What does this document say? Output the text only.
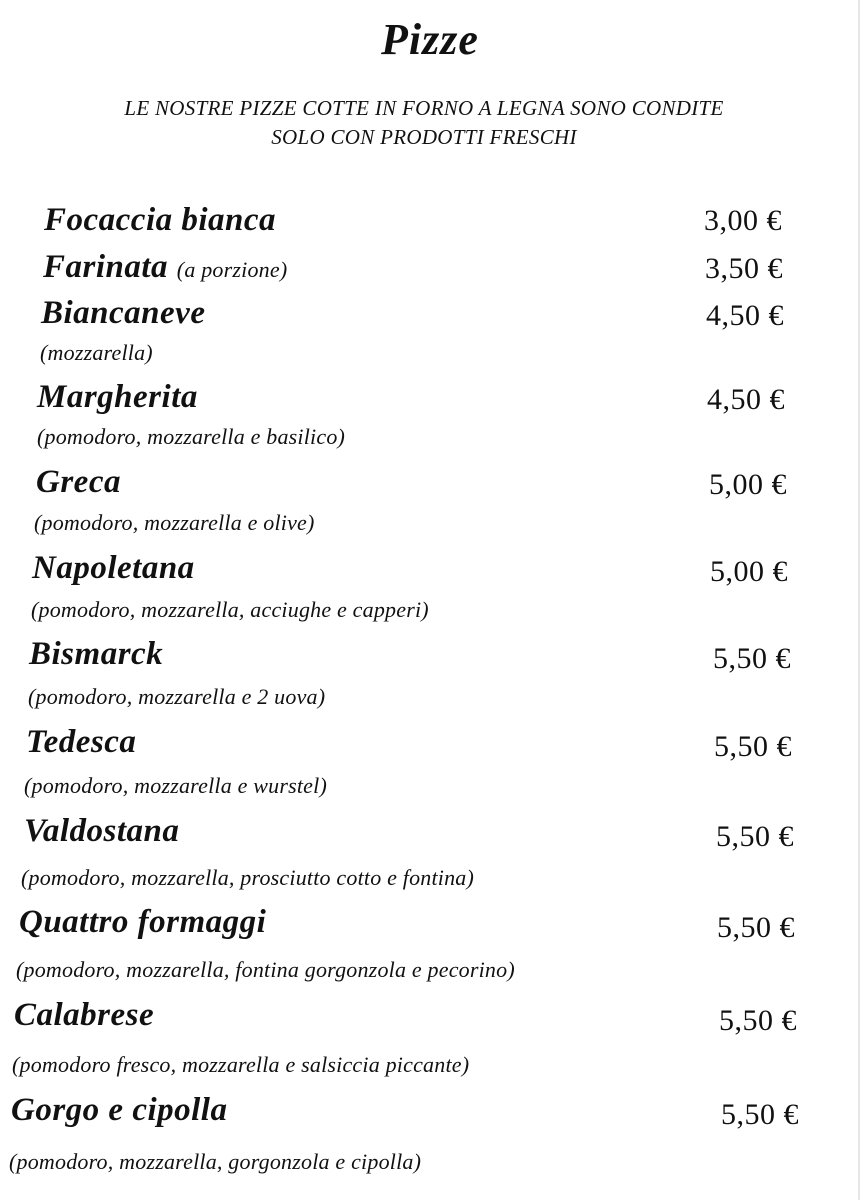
Pizze
LE NOSTRE PIZZE COTTE IN FORNO A LEGNA SONO CONDITE
SOLO CON PRODOTTI FRESCHI
Focaccia bianca	3,00 €
Farinata (a porzione)	3,50 €
Biancaneve
(mozzarella)
4,50 €
Margherita
(pomodoro, mozzarella e basilico)
4,50 €
Greca
(pomodoro, mozzarella e olive)
5,00 €
Napoletana
(pomodoro, mozzarella, acciughe e capperi)
5,00 €
Bismarck
(pomodoro, mozzarella e 2 uova)
5,50 €
Tedesca
(pomodoro, mozzarella e wurstel)
5,50 €
Valdostana
(pomodoro, mozzarella, prosciutto cotto e fontina)
5,50 €
Quattro formaggi
(pomodoro, mozzarella, fontina gorgonzola e pecorino)
5,50 €
Calabrese
(pomodoro fresco, mozzarella e salsiccia piccante)
5,50 €
Gorgo e cipolla
(pomodoro, mozzarella, gorgonzola e cipolla)
5,50 €
